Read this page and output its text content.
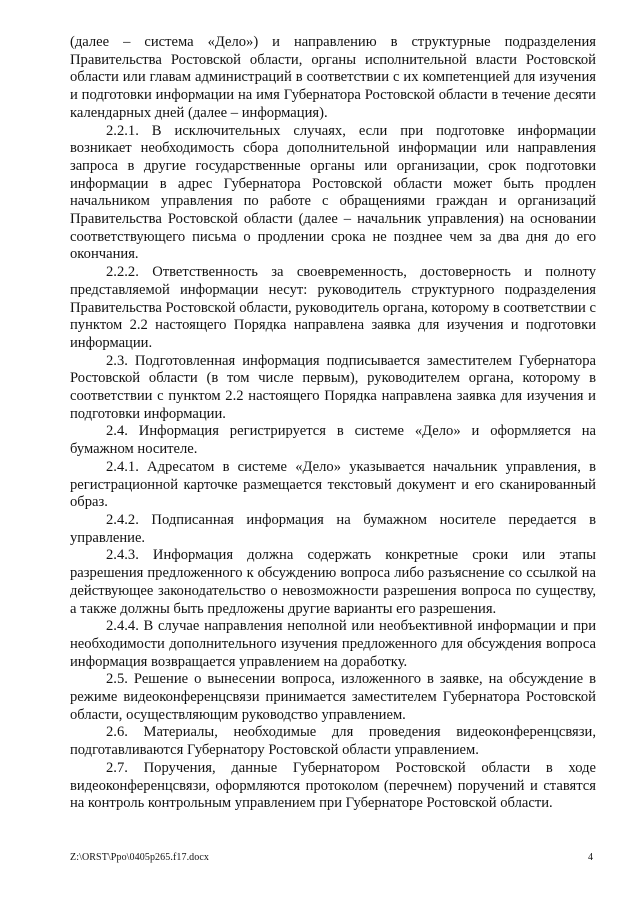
(далее – система «Дело») и направлению в структурные подразделения Правительства Ростовской области, органы исполнительной власти Ростовской области или главам администраций в соответствии с их компетенцией для изучения и подготовки информации на имя Губернатора Ростовской области в течение десяти календарных дней (далее – информация).

2.2.1. В исключительных случаях, если при подготовке информации возникает необходимость сбора дополнительной информации или направления запроса в другие государственные органы или организации, срок подготовки информации в адрес Губернатора Ростовской области может быть продлен начальником управления по работе с обращениями граждан и организаций Правительства Ростовской области (далее – начальник управления) на основании соответствующего письма о продлении срока не позднее чем за два дня до его окончания.

2.2.2. Ответственность за своевременность, достоверность и полноту представляемой информации несут: руководитель структурного подразделения Правительства Ростовской области, руководитель органа, которому в соответствии с пунктом 2.2 настоящего Порядка направлена заявка для изучения и подготовки информации.

2.3. Подготовленная информация подписывается заместителем Губернатора Ростовской области (в том числе первым), руководителем органа, которому в соответствии с пунктом 2.2 настоящего Порядка направлена заявка для изучения и подготовки информации.

2.4. Информация регистрируется в системе «Дело» и оформляется на бумажном носителе.

2.4.1. Адресатом в системе «Дело» указывается начальник управления, в регистрационной карточке размещается текстовый документ и его сканированный образ.

2.4.2. Подписанная информация на бумажном носителе передается в управление.

2.4.3. Информация должна содержать конкретные сроки или этапы разрешения предложенного к обсуждению вопроса либо разъяснение со ссылкой на действующее законодательство о невозможности разрешения вопроса по существу, а также должны быть предложены другие варианты его разрешения.

2.4.4. В случае направления неполной или необъективной информации и при необходимости дополнительного изучения предложенного для обсуждения вопроса информация возвращается управлением на доработку.

2.5. Решение о вынесении вопроса, изложенного в заявке, на обсуждение в режиме видеоконференцсвязи принимается заместителем Губернатора Ростовской области, осуществляющим руководство управлением.

2.6. Материалы, необходимые для проведения видеоконференцсвязи, подготавливаются Губернатору Ростовской области управлением.

2.7. Поручения, данные Губернатором Ростовской области в ходе видеоконференцсвязи, оформляются протоколом (перечнем) поручений и ставятся на контроль контрольным управлением при Губернаторе Ростовской области.

Z:\ORST\Ppo\0405p265.f17.docx	4
